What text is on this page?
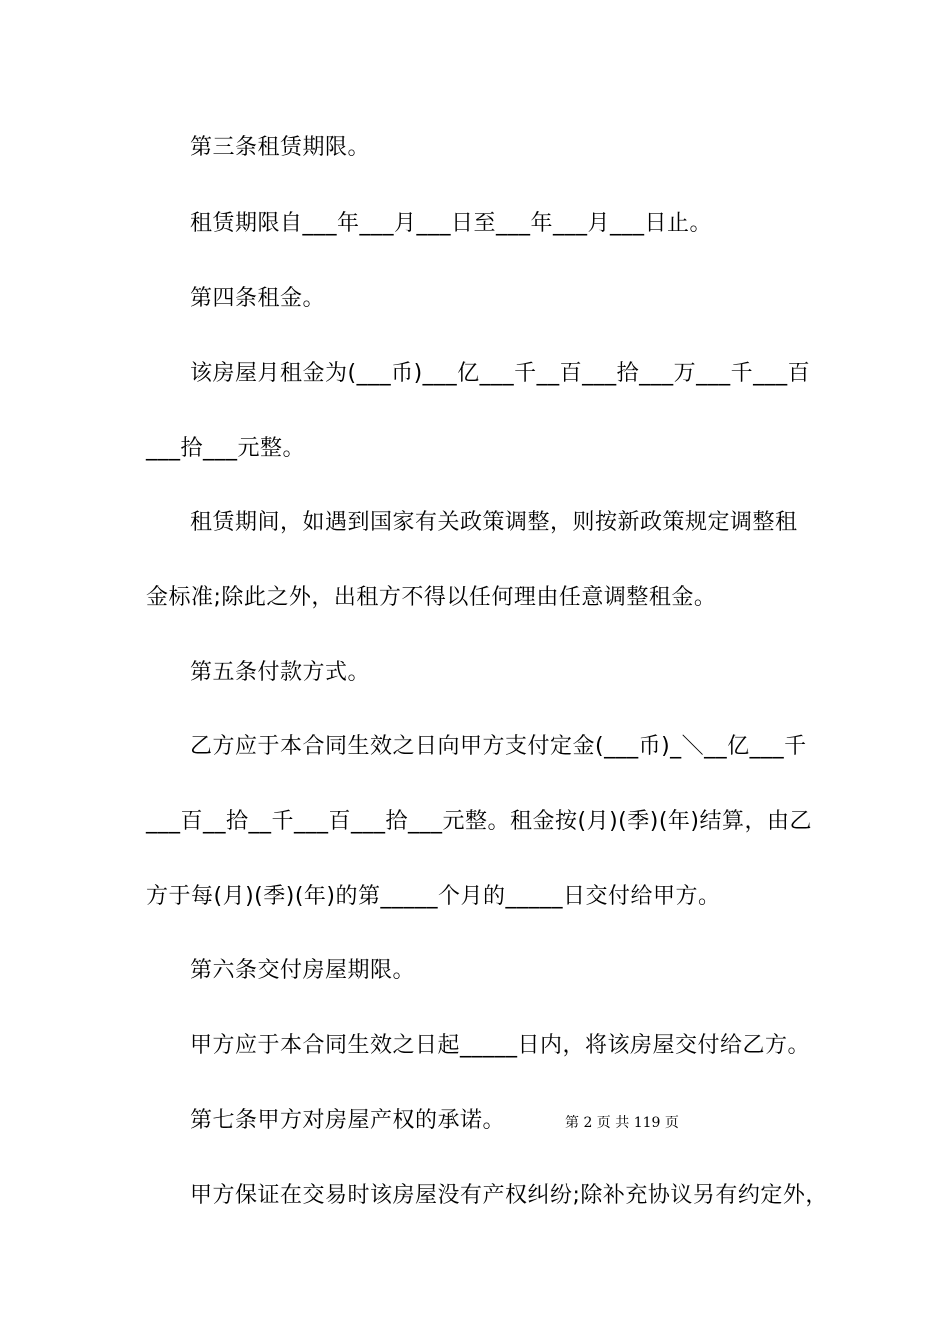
第三条租赁期限。
租赁期限自___年___月___日至___年___月___日止。
第四条租金。
该房屋月租金为(___币)___亿___千__百___拾___万___千___百
___拾___元整。
租赁期间，如遇到国家有关政策调整，则按新政策规定调整租
金标准;除此之外，出租方不得以任何理由任意调整租金。
第五条付款方式。
乙方应于本合同生效之日向甲方支付定金(___币)_＼__亿___千
___百__拾__千___百___拾___元整。租金按(月)(季)(年)结算，由乙
方于每(月)(季)(年)的第_____个月的_____日交付给甲方。
第六条交付房屋期限。
甲方应于本合同生效之日起_____日内，将该房屋交付给乙方。
第七条甲方对房屋产权的承诺。	第 2 页 共 119 页
甲方保证在交易时该房屋没有产权纠纷;除补充协议另有约定外，
